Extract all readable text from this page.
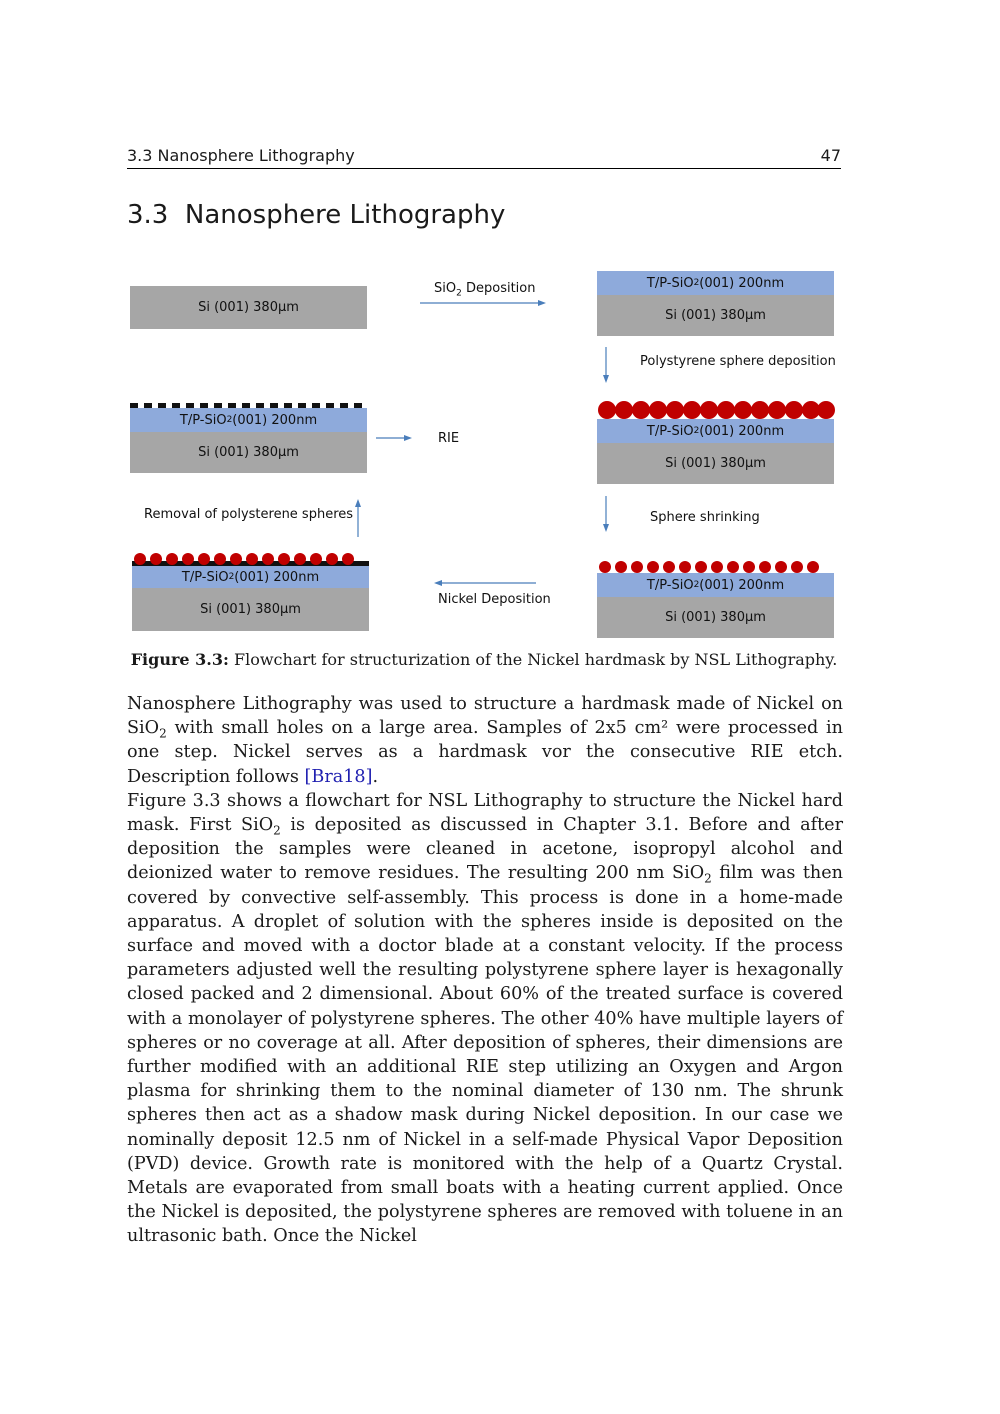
3.3 Nanosphere Lithography	47
3.3 Nanosphere Lithography
Si (001) 380µm
SiO$_2$ Deposition	T/P-SiO 2 (001) 200nm
Si (001) 380µm
Polystyrene sphere deposition
T/P-SiO 2 (001) 200nm
Si (001) 380µm
Sphere shrinking
T/P-SiO 2 (001) 200nm
Si (001) 380µm
Nickel Deposition
T/P-SiO 2 (001) 200nm
Si (001) 380µm
Removal of polysterene spheres
T/P-SiO 2 (001) 200nm
Si (001) 380µm
RIE
Figure 3.3: Flowchart for structurization of the Nickel hardmask by NSL Lithography.

Nanosphere Lithography was used to structure a hardmask made of Nickel on SiO$_2$ with small holes on a large area. Samples of 2x5 cm² were processed in one step. Nickel serves as a hardmask vor the consecutive RIE etch. Description follows [Bra18].

Figure 3.3 shows a flowchart for NSL Lithography to structure the Nickel hard mask. First SiO$_2$ is deposited as discussed in Chapter 3.1. Before and after deposition the samples were cleaned in acetone, isopropyl alcohol and deionized water to remove residues. The resulting 200 nm SiO$_2$ film was then covered by convective self-assembly. This process is done in a home-made apparatus. A droplet of solution with the spheres inside is deposited on the surface and moved with a doctor blade at a constant velocity. If the process parameters adjusted well the resulting polystyrene sphere layer is hexagonally closed packed and 2 dimensional. About 60% of the treated surface is covered with a monolayer of polystyrene spheres. The other 40% have multiple layers of spheres or no coverage at all. After deposition of spheres, their dimensions are further modified with an additional RIE step utilizing an Oxygen and Argon plasma for shrinking them to the nominal diameter of 130 nm. The shrunk spheres then act as a shadow mask during Nickel deposition. In our case we nominally deposit 12.5 nm of Nickel in a self-made Physical Vapor Deposition (PVD) device. Growth rate is monitored with the help of a Quartz Crystal. Metals are evaporated from small boats with a heating current applied. Once the Nickel is deposited, the polystyrene spheres are removed with toluene in an ultrasonic bath. Once the Nickel
